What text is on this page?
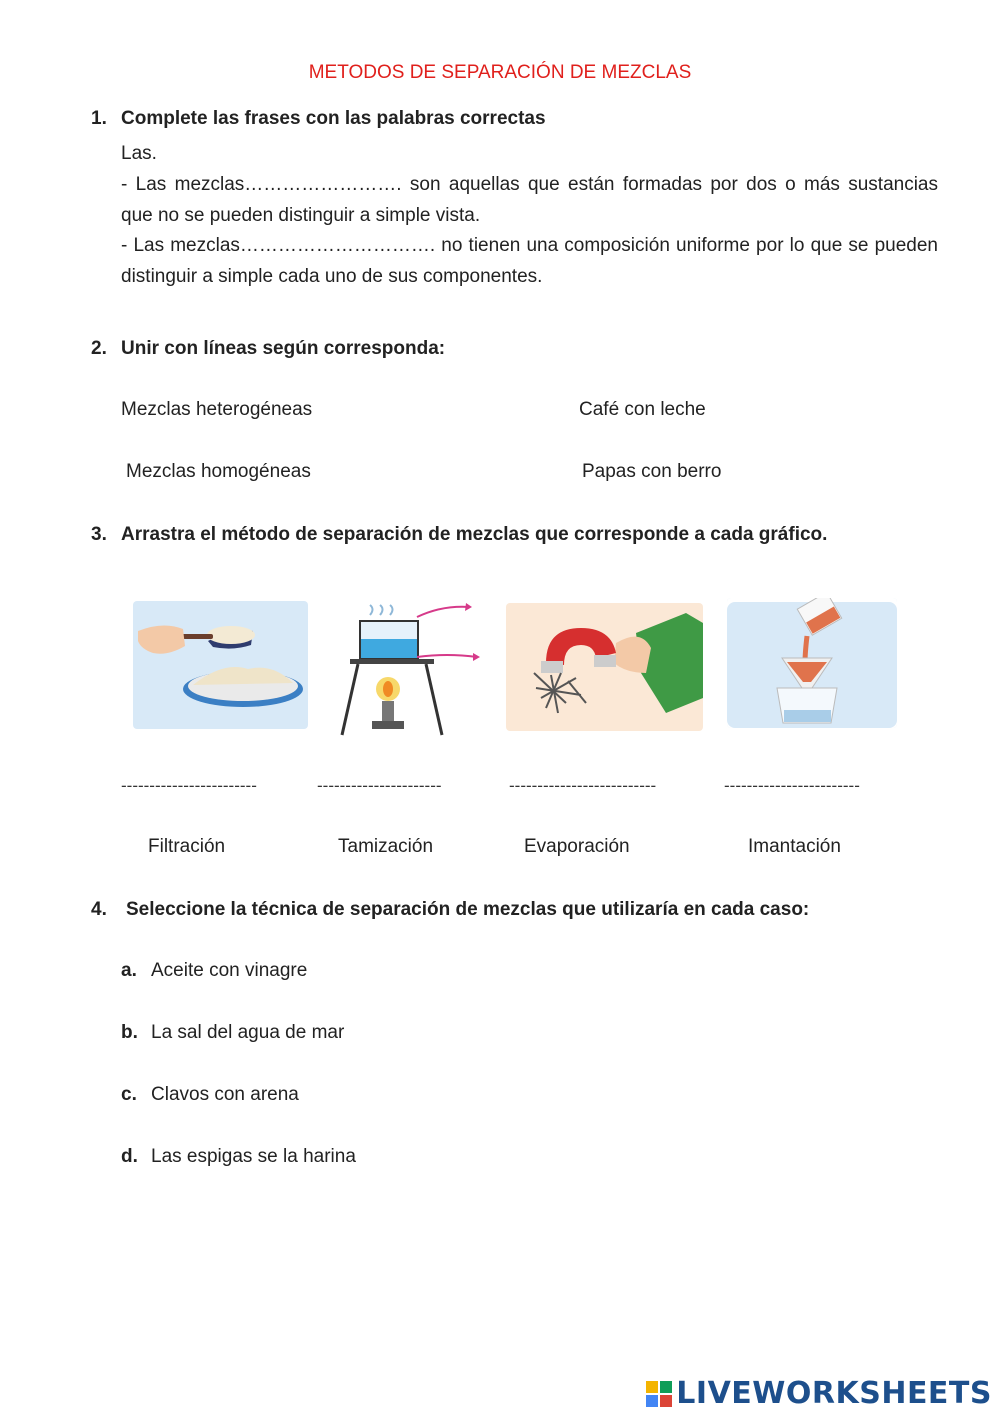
METODOS DE SEPARACIÓN DE MEZCLAS
1. Complete las frases con las palabras correctas
Las.
- Las mezclas……………………. son aquellas que están formadas por dos o más sustancias que no se pueden distinguir a simple vista.
- Las mezclas…………………………. no tienen una composición uniforme por lo que se pueden distinguir a simple cada uno de sus componentes.
2. Unir con líneas según corresponda:
Mezclas heterogéneas	Café con leche
Mezclas homogéneas	Papas con berro
3. Arrastra el método de separación de mezclas que corresponde a cada gráfico.
------------------------	----------------------	--------------------------	------------------------
Filtración	Tamización	Evaporación	Imantación
4. Seleccione la técnica de separación de mezclas que utilizaría en cada caso:
a. Aceite con vinagre
b. La sal del agua de mar
c. Clavos con arena
d. Las espigas se la harina
LIVEWORKSHEETS
